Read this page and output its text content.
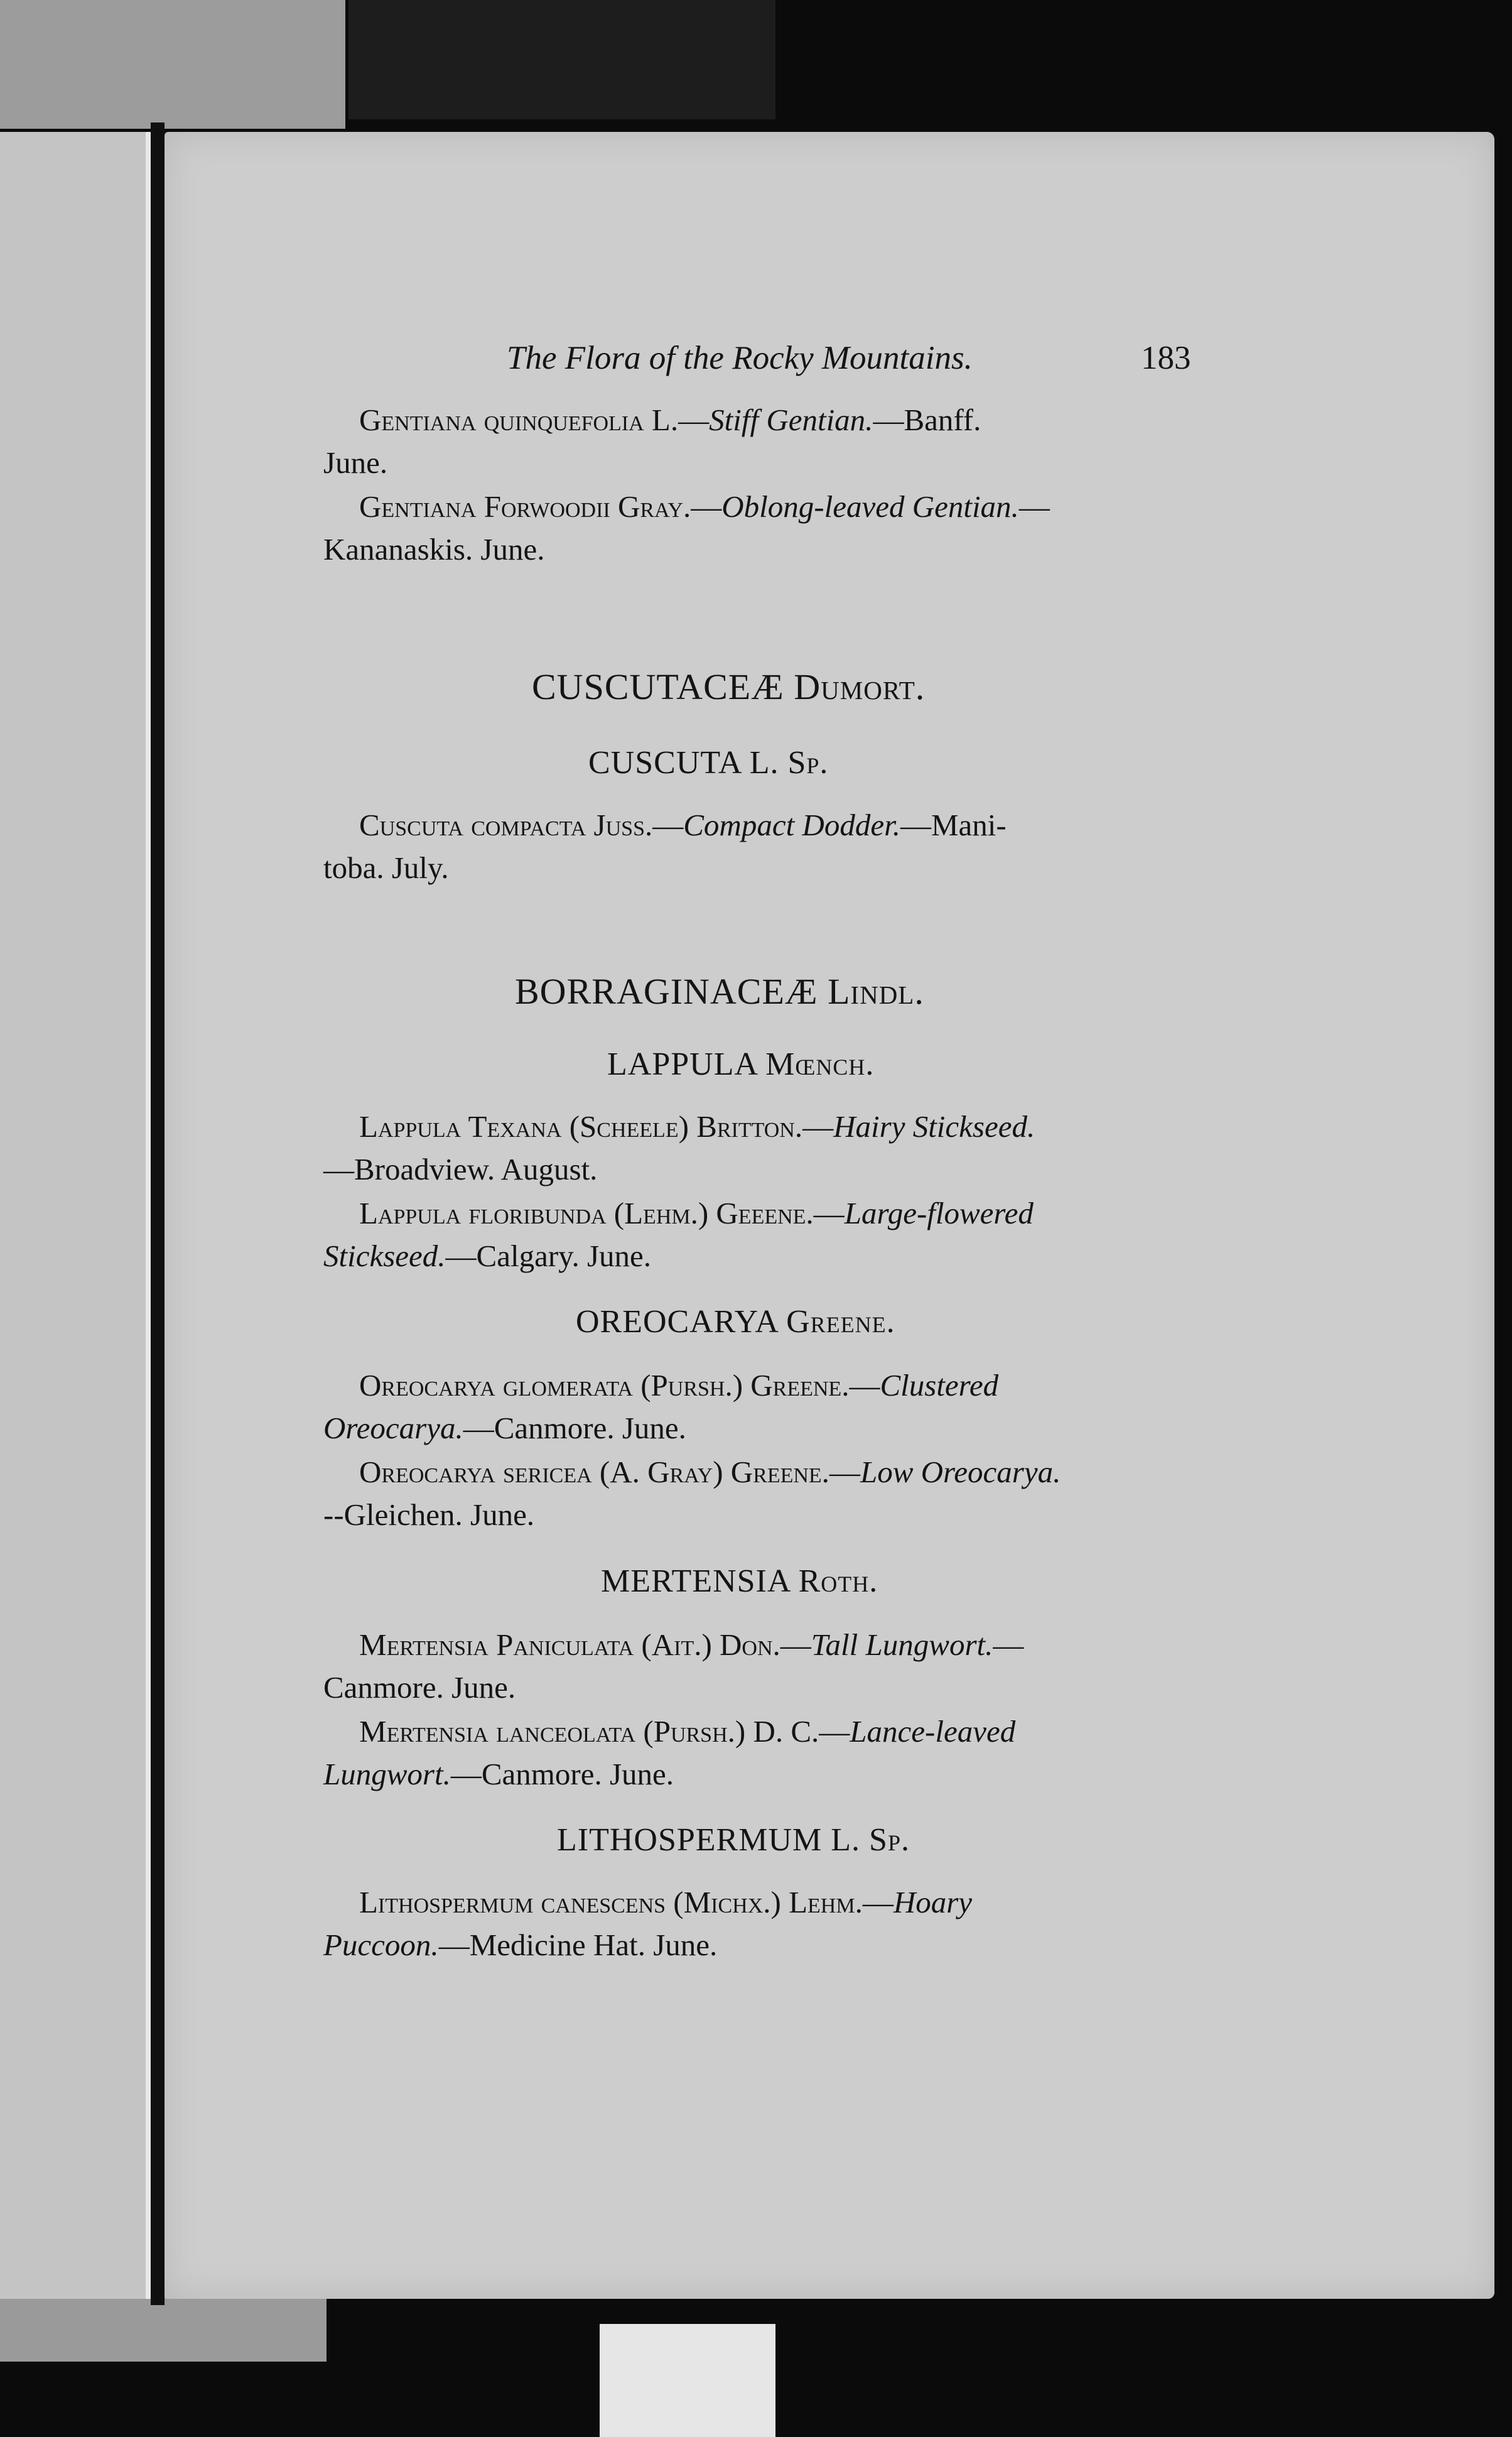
The Flora of the Rocky Mountains.	183
Gentiana quinquefolia L.—Stiff Gentian.—Banff.
June.
Gentiana Forwoodii Gray.—Oblong-leaved Gentian.—
Kananaskis. June.
CUSCUTACEÆ Dumort.
CUSCUTA L. Sp.
Cuscuta compacta Juss.—Compact Dodder.—Mani-
toba. July.
BORRAGINACEÆ Lindl.
LAPPULA Mœnch.
Lappula Texana (Scheele) Britton.—Hairy Stickseed.
—Broadview. August.
Lappula floribunda (Lehm.) Geeene.—Large-flowered
Stickseed.—Calgary. June.
OREOCARYA Greene.
Oreocarya glomerata (Pursh.) Greene.—Clustered
Oreocarya.—Canmore. June.
Oreocarya sericea (A. Gray) Greene.—Low Oreocarya.
--Gleichen. June.
MERTENSIA Roth.
Mertensia Paniculata (Ait.) Don.—Tall Lungwort.—
Canmore. June.
Mertensia lanceolata (Pursh.) D. C.—Lance-leaved
Lungwort.—Canmore. June.
LITHOSPERMUM L. Sp.
Lithospermum canescens (Michx.) Lehm.—Hoary
Puccoon.—Medicine Hat. June.
